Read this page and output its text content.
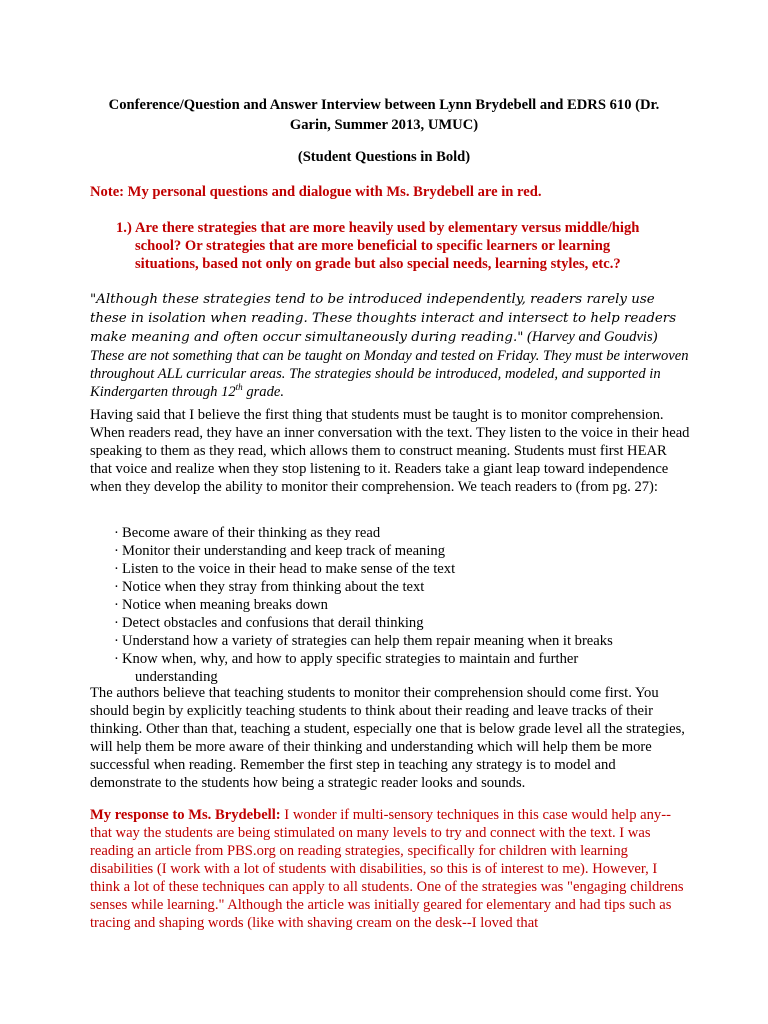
Conference/Question and Answer Interview between Lynn Brydebell and EDRS 610 (Dr.
Garin, Summer 2013, UMUC)
(Student Questions in Bold)
Note: My personal questions and dialogue with Ms. Brydebell are in red.
1.) Are there strategies that are more heavily used by elementary versus middle/high school? Or strategies that are more beneficial to specific learners or learning situations, based not only on grade but also special needs, learning styles, etc.?
"Although these strategies tend to be introduced independently, readers rarely use these in isolation when reading. These thoughts interact and intersect to help readers make meaning and often occur simultaneously during reading." (Harvey and Goudvis) These are not something that can be taught on Monday and tested on Friday. They must be interwoven throughout ALL curricular areas. The strategies should be introduced, modeled, and supported in Kindergarten through 12th grade.
Having said that I believe the first thing that students must be taught is to monitor comprehension. When readers read, they have an inner conversation with the text. They listen to the voice in their head speaking to them as they read, which allows them to construct meaning. Students must first HEAR that voice and realize when they stop listening to it. Readers take a giant leap toward independence when they develop the ability to monitor their comprehension. We teach readers to (from pg. 27):
· Become aware of their thinking as they read
· Monitor their understanding and keep track of meaning
· Listen to the voice in their head to make sense of the text
· Notice when they stray from thinking about the text
· Notice when meaning breaks down
· Detect obstacles and confusions that derail thinking
· Understand how a variety of strategies can help them repair meaning when it breaks
· Know when, why, and how to apply specific strategies to maintain and further
understanding
The authors believe that teaching students to monitor their comprehension should come first. You should begin by explicitly teaching students to think about their reading and leave tracks of their thinking. Other than that, teaching a student, especially one that is below grade level all the strategies, will help them be more aware of their thinking and understanding which will help them be more successful when reading. Remember the first step in teaching any strategy is to model and demonstrate to the students how being a strategic reader looks and sounds.
My response to Ms. Brydebell: I wonder if multi-sensory techniques in this case would help any--that way the students are being stimulated on many levels to try and connect with the text. I was reading an article from PBS.org on reading strategies, specifically for children with learning disabilities (I work with a lot of students with disabilities, so this is of interest to me). However, I think a lot of these techniques can apply to all students. One of the strategies was "engaging childrens senses while learning." Although the article was initially geared for elementary and had tips such as tracing and shaping words (like with shaving cream on the desk--I loved that
